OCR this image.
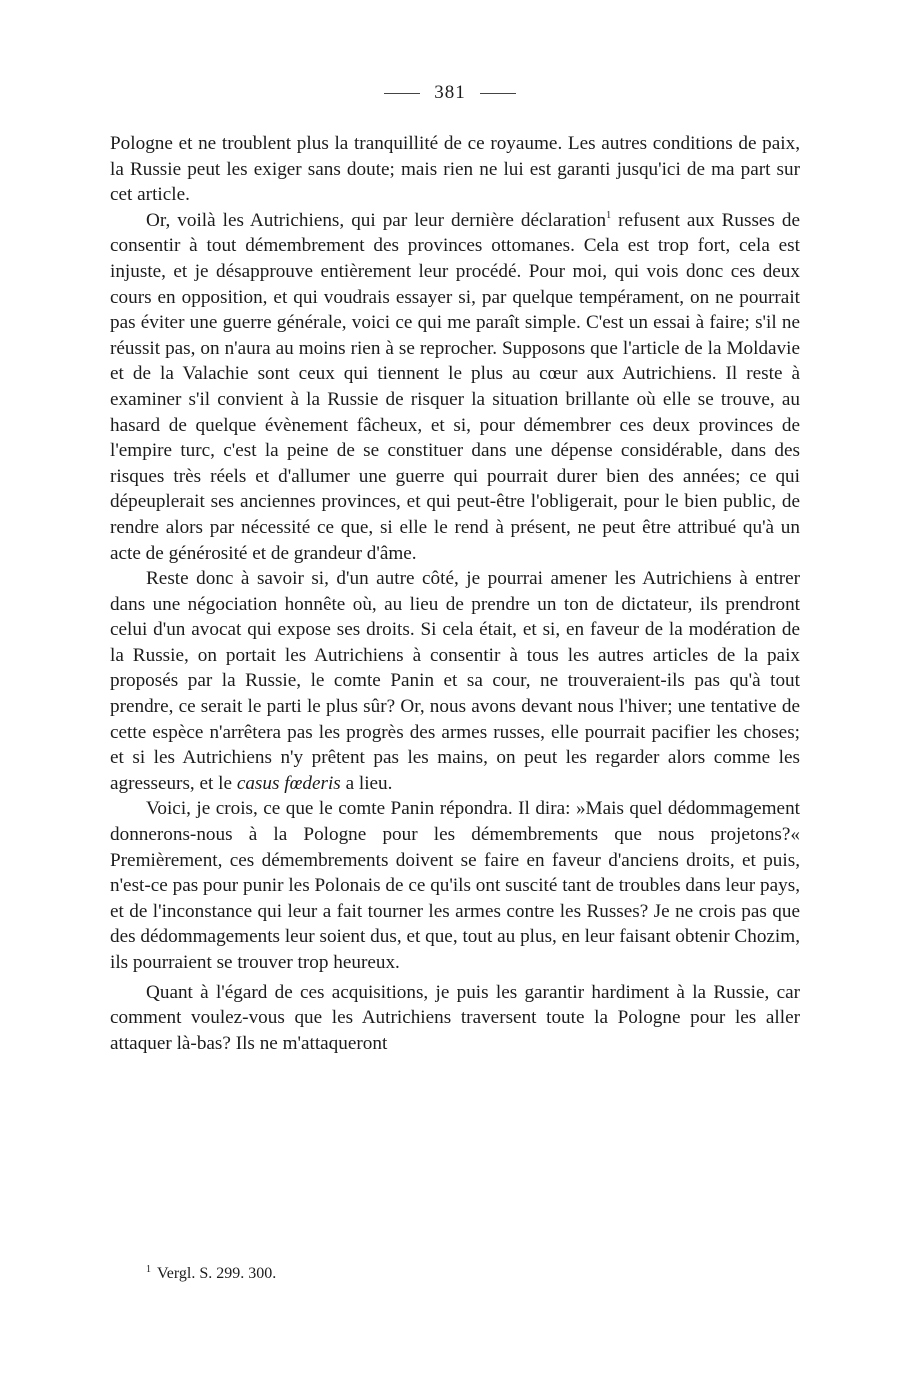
381

Pologne et ne troublent plus la tranquillité de ce royaume. Les autres conditions de paix, la Russie peut les exiger sans doute; mais rien ne lui est garanti jusqu'ici de ma part sur cet article.

Or, voilà les Autrichiens, qui par leur dernière déclaration$^1$ refusent aux Russes de consentir à tout démembrement des provinces ottomanes. Cela est trop fort, cela est injuste, et je désapprouve entièrement leur procédé. Pour moi, qui vois donc ces deux cours en opposition, et qui voudrais essayer si, par quelque tempérament, on ne pourrait pas éviter une guerre générale, voici ce qui me paraît simple. C'est un essai à faire; s'il ne réussit pas, on n'aura au moins rien à se reprocher. Supposons que l'article de la Moldavie et de la Valachie sont ceux qui tiennent le plus au cœur aux Autrichiens. Il reste à examiner s'il convient à la Russie de risquer la situation brillante où elle se trouve, au hasard de quelque évènement fâcheux, et si, pour démembrer ces deux provinces de l'empire turc, c'est la peine de se constituer dans une dépense considérable, dans des risques très réels et d'allumer une guerre qui pourrait durer bien des années; ce qui dépeuplerait ses anciennes provinces, et qui peut-être l'obligerait, pour le bien public, de rendre alors par nécessité ce que, si elle le rend à présent, ne peut être attribué qu'à un acte de générosité et de grandeur d'âme.

Reste donc à savoir si, d'un autre côté, je pourrai amener les Autrichiens à entrer dans une négociation honnête où, au lieu de prendre un ton de dictateur, ils prendront celui d'un avocat qui expose ses droits. Si cela était, et si, en faveur de la modération de la Russie, on portait les Autrichiens à consentir à tous les autres articles de la paix proposés par la Russie, le comte Panin et sa cour, ne trouveraient-ils pas qu'à tout prendre, ce serait le parti le plus sûr? Or, nous avons devant nous l'hiver; une tentative de cette espèce n'arrêtera pas les progrès des armes russes, elle pourrait pacifier les choses; et si les Autrichiens n'y prêtent pas les mains, on peut les regarder alors comme les agresseurs, et le casus fœderis a lieu.

Voici, je crois, ce que le comte Panin répondra. Il dira: »Mais quel dédommagement donnerons-nous à la Pologne pour les démembrements que nous projetons?« Premièrement, ces démembrements doivent se faire en faveur d'anciens droits, et puis, n'est-ce pas pour punir les Polonais de ce qu'ils ont suscité tant de troubles dans leur pays, et de l'inconstance qui leur a fait tourner les armes contre les Russes? Je ne crois pas que des dédommagements leur soient dus, et que, tout au plus, en leur faisant obtenir Chozim, ils pourraient se trouver trop heureux.

Quant à l'égard de ces acquisitions, je puis les garantir hardiment à la Russie, car comment voulez-vous que les Autrichiens traversent toute la Pologne pour les aller attaquer là-bas? Ils ne m'attaqueront

$^1$ Vergl. S. 299. 300.
